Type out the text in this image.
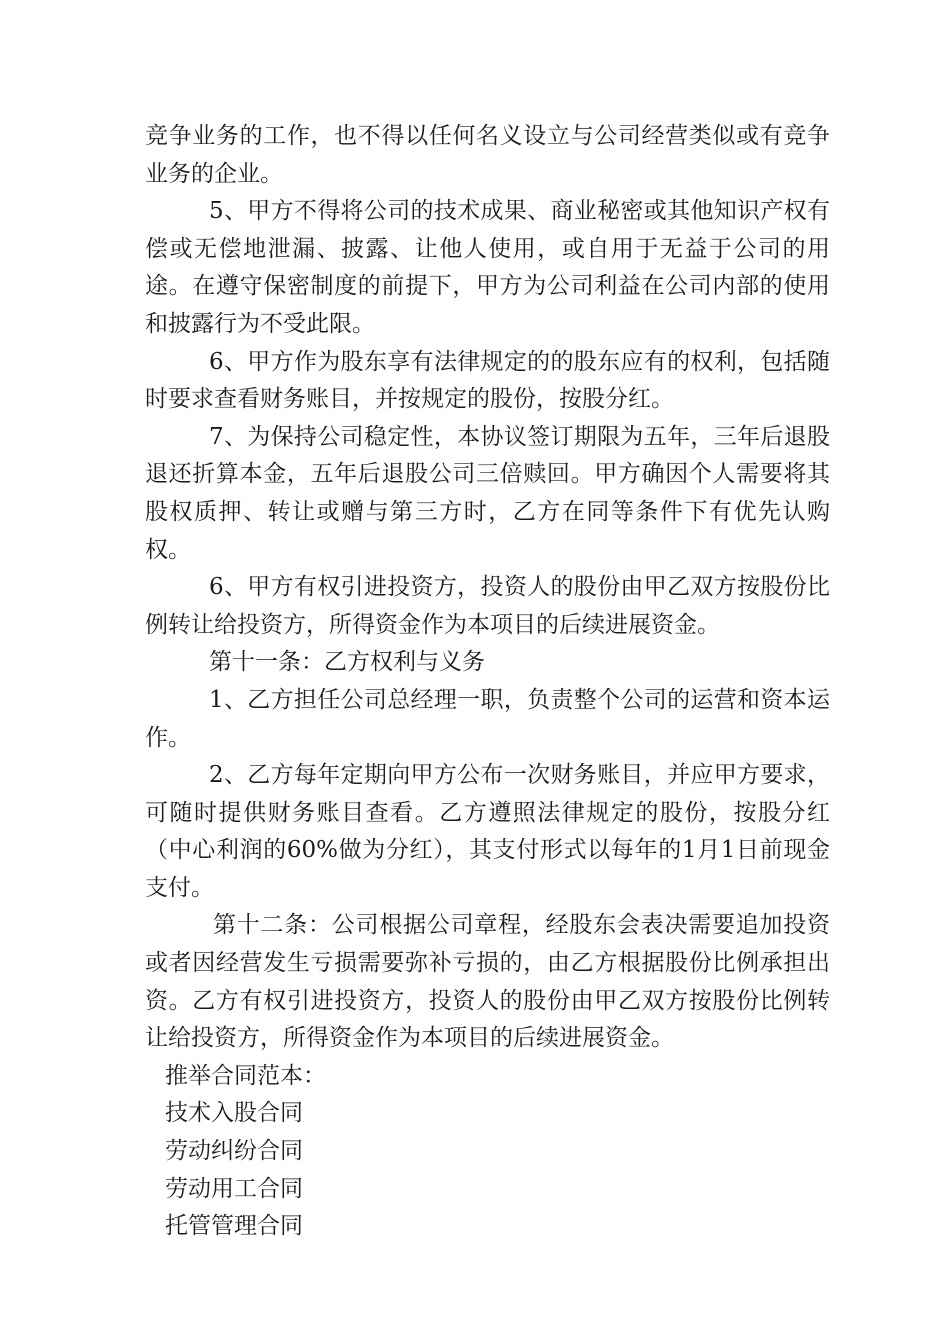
竞争业务的工作，也不得以任何名义设立与公司经营类似或有竞争业务的企业。

5、甲方不得将公司的技术成果、商业秘密或其他知识产权有偿或无偿地泄漏、披露、让他人使用，或自用于无益于公司的用途。在遵守保密制度的前提下，甲方为公司利益在公司内部的使用和披露行为不受此限。

6、甲方作为股东享有法律规定的的股东应有的权利，包括随时要求查看财务账目，并按规定的股份，按股分红。

7、为保持公司稳定性，本协议签订期限为五年，三年后退股退还折算本金，五年后退股公司三倍赎回。甲方确因个人需要将其股权质押、转让或赠与第三方时，乙方在同等条件下有优先认购权。

6、甲方有权引进投资方，投资人的股份由甲乙双方按股份比例转让给投资方，所得资金作为本项目的后续进展资金。

第十一条：乙方权利与义务

1、乙方担任公司总经理一职，负责整个公司的运营和资本运作。

2、乙方每年定期向甲方公布一次财务账目，并应甲方要求，可随时提供财务账目查看。乙方遵照法律规定的股份，按股分红（中心利润的60%做为分红），其支付形式以每年的1月1日前现金支付。

第十二条：公司根据公司章程，经股东会表决需要追加投资或者因经营发生亏损需要弥补亏损的，由乙方根据股份比例承担出资。乙方有权引进投资方，投资人的股份由甲乙双方按股份比例转让给投资方，所得资金作为本项目的后续进展资金。

推举合同范本：

技术入股合同

劳动纠纷合同

劳动用工合同

托管管理合同
